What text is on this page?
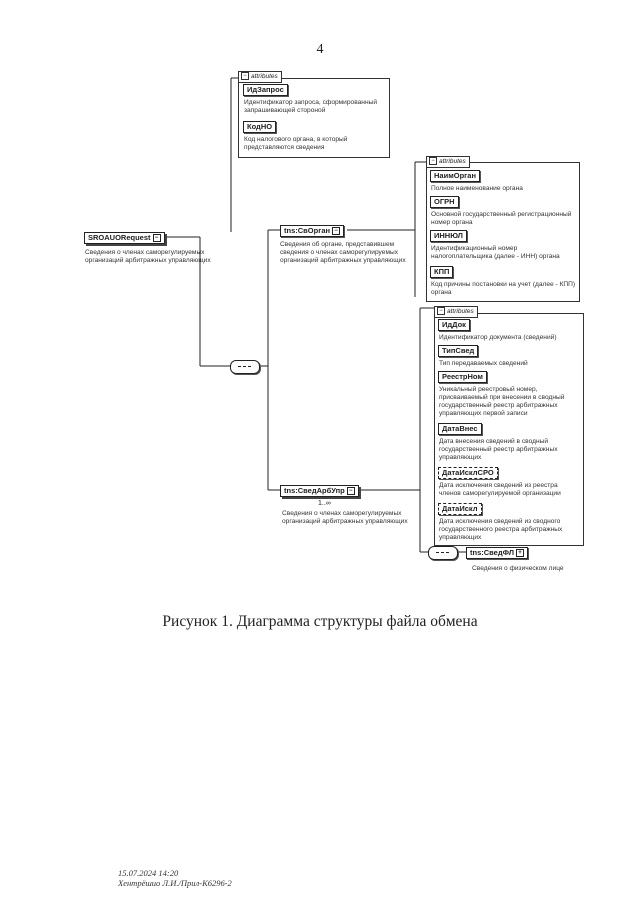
4
− attributes
ИдЗапрос
Идентификатор запроса, сформированный запрашивающей стороной
КодНО
Код налогового органа, в который представляются сведения
SROAUORequest −
Сведения о членах саморегулируемых организаций арбитражных управляющих
tns:СвОрган −
Сведения об органе, представившем сведения о членах саморегулируемых организаций арбитражных управляющих
− attributes
НаимОрган
Полное наименование органа
ОГРН
Основной государственный регистрационный номер органа
ИННЮЛ
Идентификационный номер налогоплательщика (далее - ИНН) органа
КПП
Код причины постановки на учет (далее - КПП) органа
tns:СведАрбУпр −
1..∞
Сведения о членах саморегулируемых организаций арбитражных управляющих
− attributes
ИдДок
Идентификатор документа (сведений)
ТипСвед
Тип передаваемых сведений
РеестрНом
Уникальный реестровый номер, присваиваемый при внесении в сводный государственный реестр арбитражных управляющих первой записи
ДатаВнес
Дата внесения сведений в сводный государственный реестр арбитражных управляющих
ДатаИсклСРО
Дата исключения сведений из реестра членов саморегулируемой организации
ДатаИскл
Дата исключения сведений из сводного государственного реестра арбитражных управляющих
tns:СведФЛ +
Сведения о физическом лице
Рисунок 1. Диаграмма структуры файла обмена
15.07.2024 14:20
Хентрёшио Л.И./Прил-К6296-2
